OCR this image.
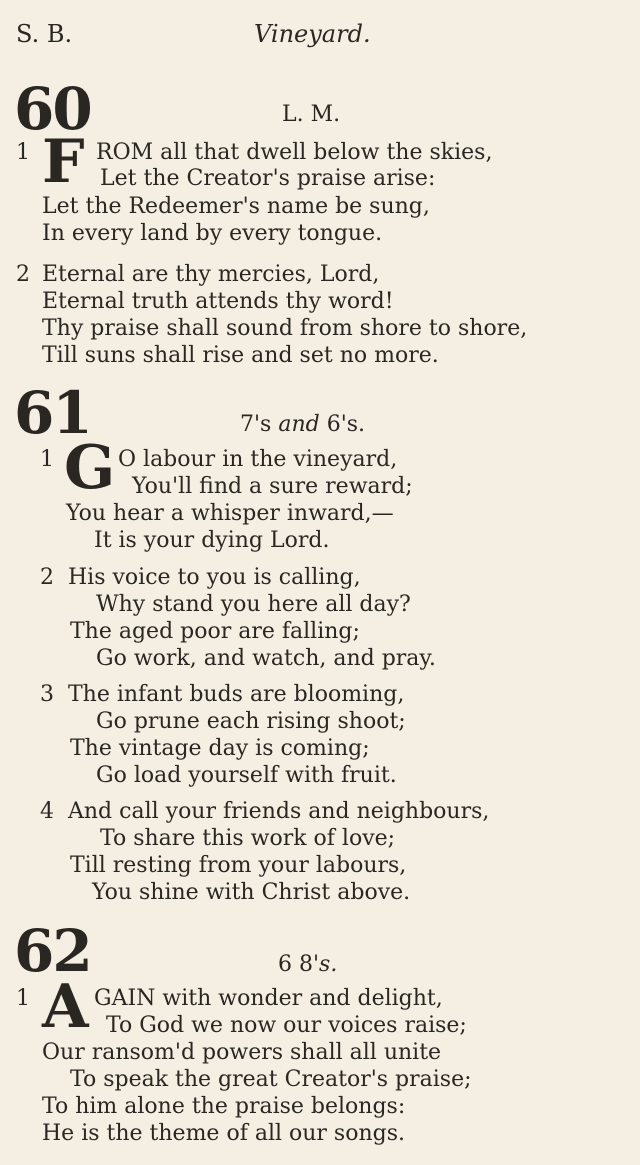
S. B.	Vineyard.
60	L. M.
1 F ROM all that dwell below the skies,
Let the Creator's praise arise:
Let the Redeemer's name be sung,
In every land by every tongue.
2 Eternal are thy mercies, Lord,
Eternal truth attends thy word!
Thy praise shall sound from shore to shore,
Till suns shall rise and set no more.
61	7's and 6's.
1 G O labour in the vineyard,
You'll find a sure reward;
You hear a whisper inward,—
It is your dying Lord.
2 His voice to you is calling,
Why stand you here all day?
The aged poor are falling;
Go work, and watch, and pray.
3 The infant buds are blooming,
Go prune each rising shoot;
The vintage day is coming;
Go load yourself with fruit.
4 And call your friends and neighbours,
To share this work of love;
Till resting from your labours,
You shine with Christ above.
62	6 8's.
1 A GAIN with wonder and delight,
To God we now our voices raise;
Our ransom'd powers shall all unite
To speak the great Creator's praise;
To him alone the praise belongs:
He is the theme of all our songs.
